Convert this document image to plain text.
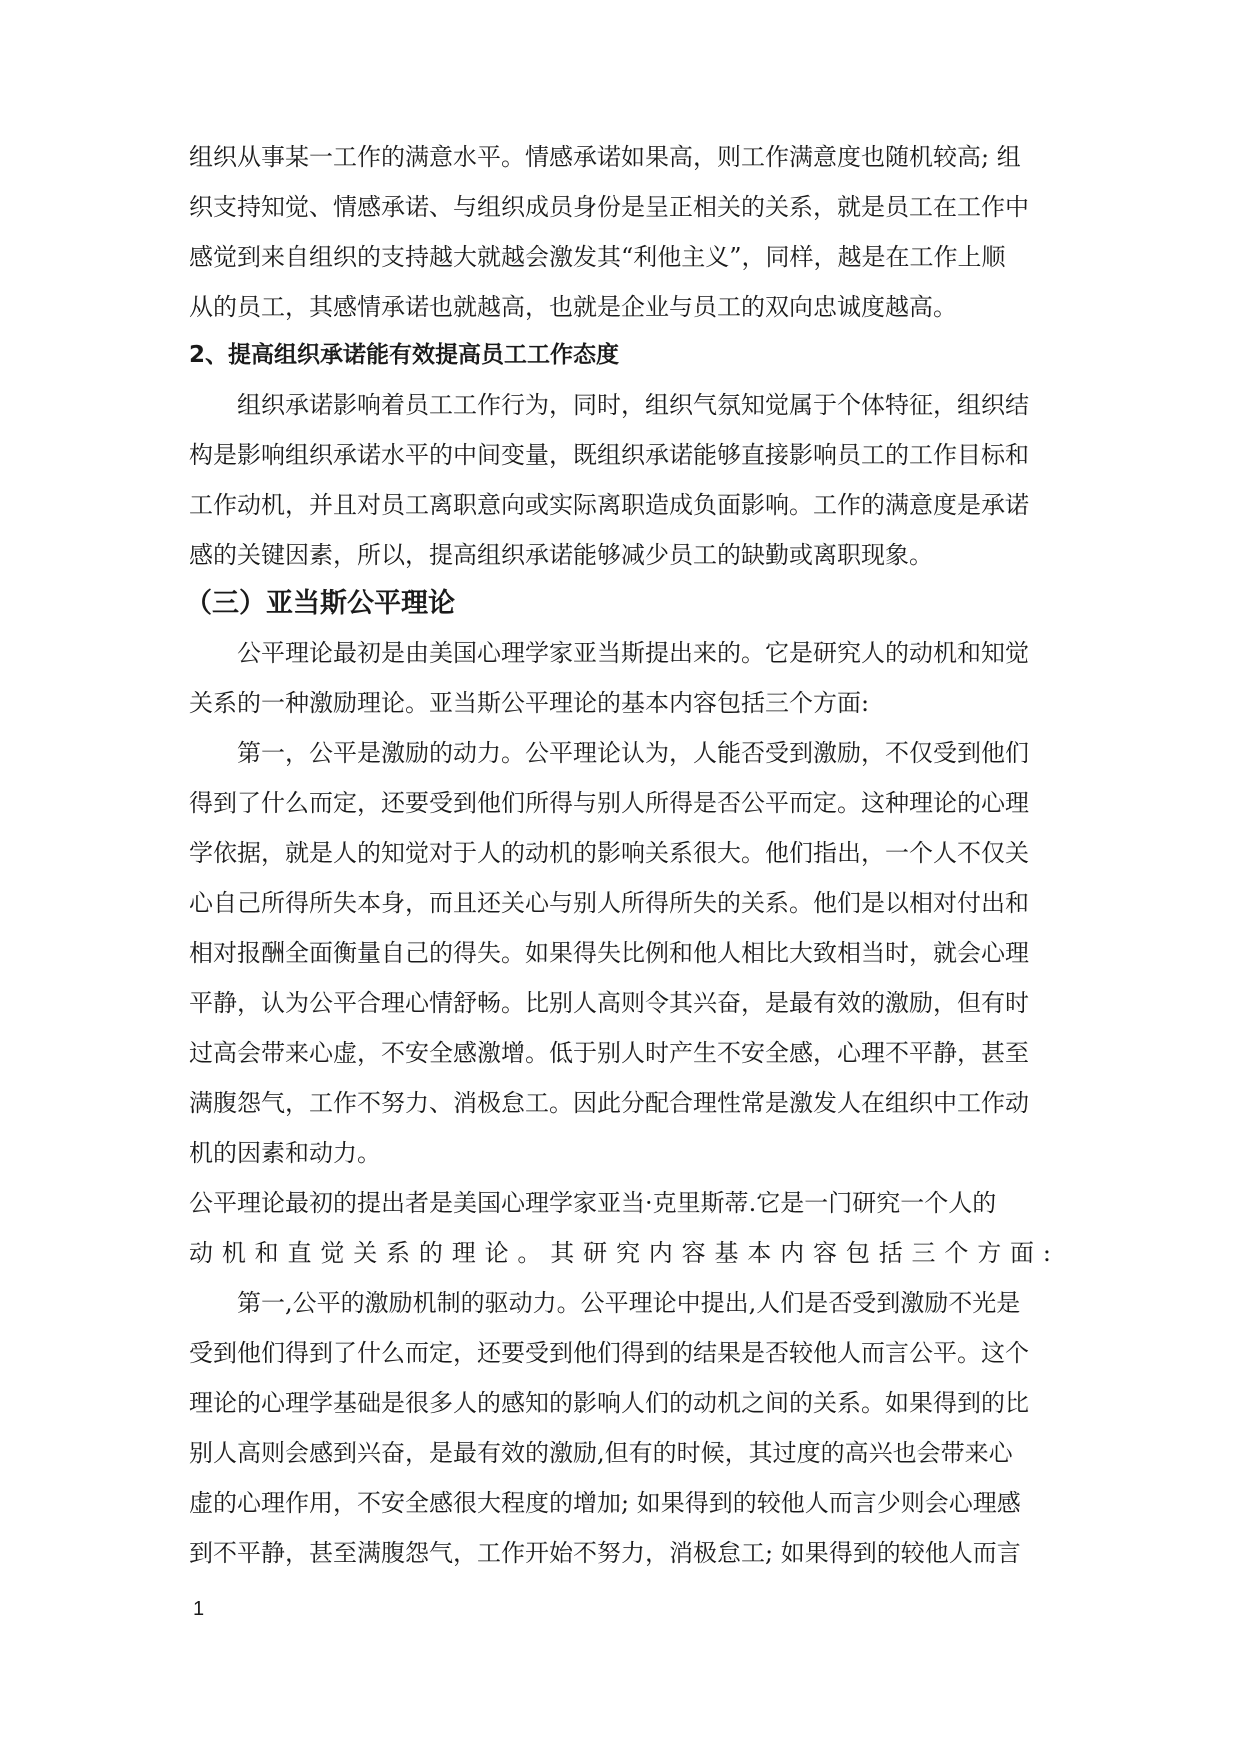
组织从事某一工作的满意水平。情感承诺如果高，则工作满意度也随机较高; 组
织支持知觉、情感承诺、与组织成员身份是呈正相关的关系，就是员工在工作中
感觉到来自组织的支持越大就越会激发其“利他主义”，同样，越是在工作上顺
从的员工，其感情承诺也就越高，也就是企业与员工的双向忠诚度越高。
2、提高组织承诺能有效提高员工工作态度
组织承诺影响着员工工作行为，同时，组织气氛知觉属于个体特征，组织结
构是影响组织承诺水平的中间变量，既组织承诺能够直接影响员工的工作目标和
工作动机，并且对员工离职意向或实际离职造成负面影响。工作的满意度是承诺
感的关键因素，所以，提高组织承诺能够减少员工的缺勤或离职现象。
（三）亚当斯公平理论
公平理论最初是由美国心理学家亚当斯提出来的。它是研究人的动机和知觉
关系的一种激励理论。亚当斯公平理论的基本内容包括三个方面:
第一，公平是激励的动力。公平理论认为，人能否受到激励，不仅受到他们
得到了什么而定，还要受到他们所得与别人所得是否公平而定。这种理论的心理
学依据，就是人的知觉对于人的动机的影响关系很大。他们指出，一个人不仅关
心自己所得所失本身，而且还关心与别人所得所失的关系。他们是以相对付出和
相对报酬全面衡量自己的得失。如果得失比例和他人相比大致相当时，就会心理
平静，认为公平合理心情舒畅。比别人高则令其兴奋，是最有效的激励，但有时
过高会带来心虚，不安全感激增。低于别人时产生不安全感，心理不平静，甚至
满腹怨气，工作不努力、消极怠工。因此分配合理性常是激发人在组织中工作动
机的因素和动力。
公平理论最初的提出者是美国心理学家亚当·克里斯蒂.它是一门研究一个人的
动机和直觉关系的理论。其研究内容基本内容包括三个方面:
第一,公平的激励机制的驱动力。公平理论中提出,人们是否受到激励不光是
受到他们得到了什么而定，还要受到他们得到的结果是否较他人而言公平。这个
理论的心理学基础是很多人的感知的影响人们的动机之间的关系。如果得到的比
别人高则会感到兴奋，是最有效的激励,但有的时候，其过度的高兴也会带来心
虚的心理作用，不安全感很大程度的增加; 如果得到的较他人而言少则会心理感
到不平静，甚至满腹怨气，工作开始不努力，消极怠工; 如果得到的较他人而言
1
